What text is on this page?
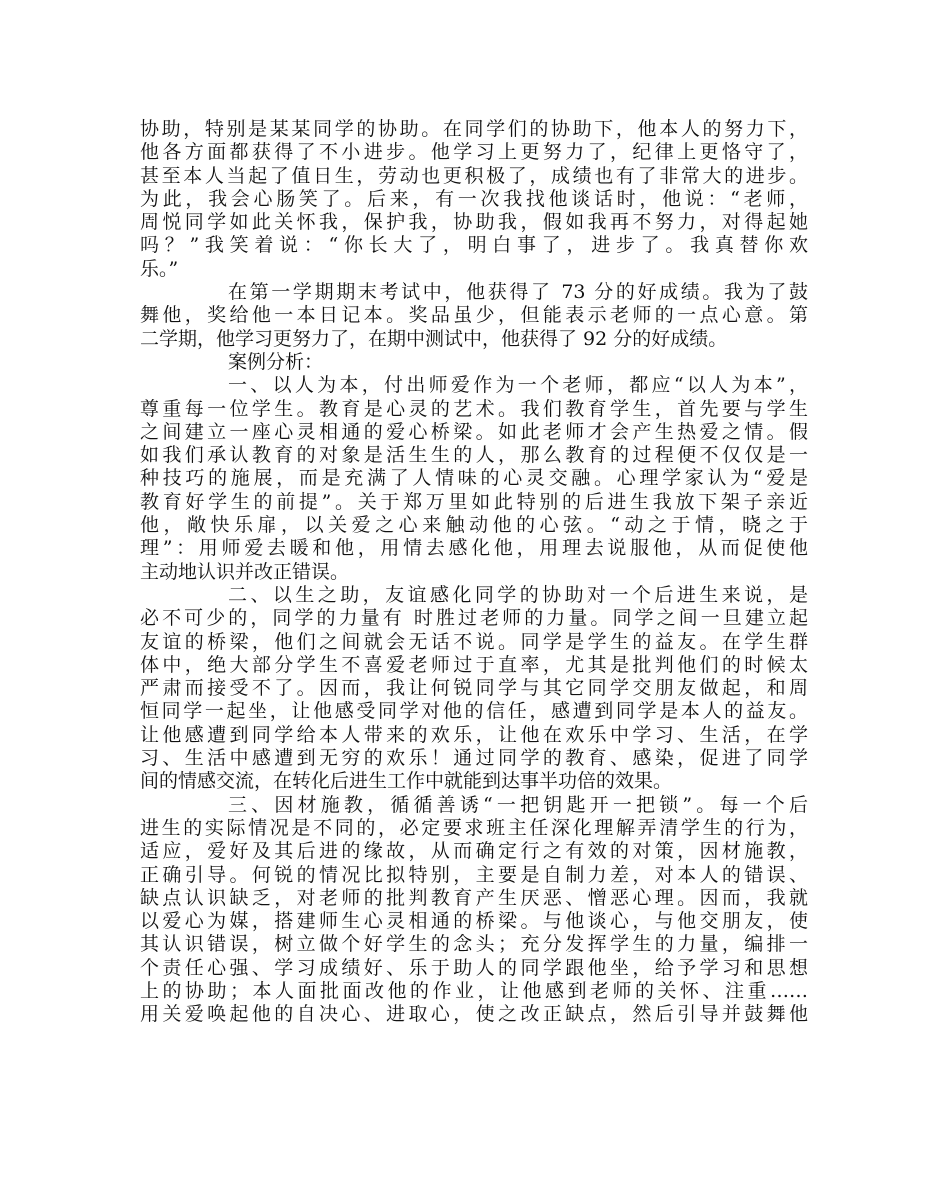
协助，特别是某某同学的协助。在同学们的协助下，他本人的努力下，
他各方面都获得了不小进步。他学习上更努力了，纪律上更恪守了，
甚至本人当起了值日生，劳动也更积极了，成绩也有了非常大的进步。
为此，我会心肠笑了。后来，有一次我找他谈话时，他说：“老师，
周悦同学如此关怀我，保护我，协助我，假如我再不努力，对得起她
吗？”我笑着说：“你长大了，明白事了，进步了。我真替你欢
乐。”
在第一学期期末考试中，他获得了 73 分的好成绩。我为了鼓
舞他，奖给他一本日记本。奖品虽少，但能表示老师的一点心意。第
二学期，他学习更努力了，在期中测试中，他获得了 92 分的好成绩。
案例分析：
一、以人为本，付出师爱作为一个老师，都应“以人为本”，
尊重每一位学生。教育是心灵的艺术。我们教育学生，首先要与学生
之间建立一座心灵相通的爱心桥梁。如此老师才会产生热爱之情。假
如我们承认教育的对象是活生生的人，那么教育的过程便不仅仅是一
种技巧的施展，而是充满了人情味的心灵交融。心理学家认为“爱是
教育好学生的前提”。关于郑万里如此特别的后进生我放下架子亲近
他，敞快乐扉，以关爱之心来触动他的心弦。“动之于情，晓之于
理”：用师爱去暖和他，用情去感化他，用理去说服他，从而促使他
主动地认识并改正错误。
二、以生之助，友谊感化同学的协助对一个后进生来说，是
必不可少的，同学的力量有 时胜过老师的力量。同学之间一旦建立起
友谊的桥梁，他们之间就会无话不说。同学是学生的益友。在学生群
体中，绝大部分学生不喜爱老师过于直率，尤其是批判他们的时候太
严肃而接受不了。因而，我让何锐同学与其它同学交朋友做起，和周
恒同学一起坐，让他感受同学对他的信任，感遭到同学是本人的益友。
让他感遭到同学给本人带来的欢乐，让他在欢乐中学习、生活，在学
习、生活中感遭到无穷的欢乐！通过同学的教育、感染，促进了同学
间的情感交流，在转化后进生工作中就能到达事半功倍的效果。
三、因材施教，循循善诱“一把钥匙开一把锁”。每一个后
进生的实际情况是不同的，必定要求班主任深化理解弄清学生的行为，
适应，爱好及其后进的缘故，从而确定行之有效的对策，因材施教，
正确引导。何锐的情况比拟特别，主要是自制力差，对本人的错误、
缺点认识缺乏，对老师的批判教育产生厌恶、憎恶心理。因而，我就
以爱心为媒，搭建师生心灵相通的桥梁。与他谈心，与他交朋友，使
其认识错误，树立做个好学生的念头；充分发挥学生的力量，编排一
个责任心强、学习成绩好、乐于助人的同学跟他坐，给予学习和思想
上的协助；本人面批面改他的作业，让他感到老师的关怀、注重……
用关爱唤起他的自决心、进取心，使之改正缺点，然后引导并鼓舞他
